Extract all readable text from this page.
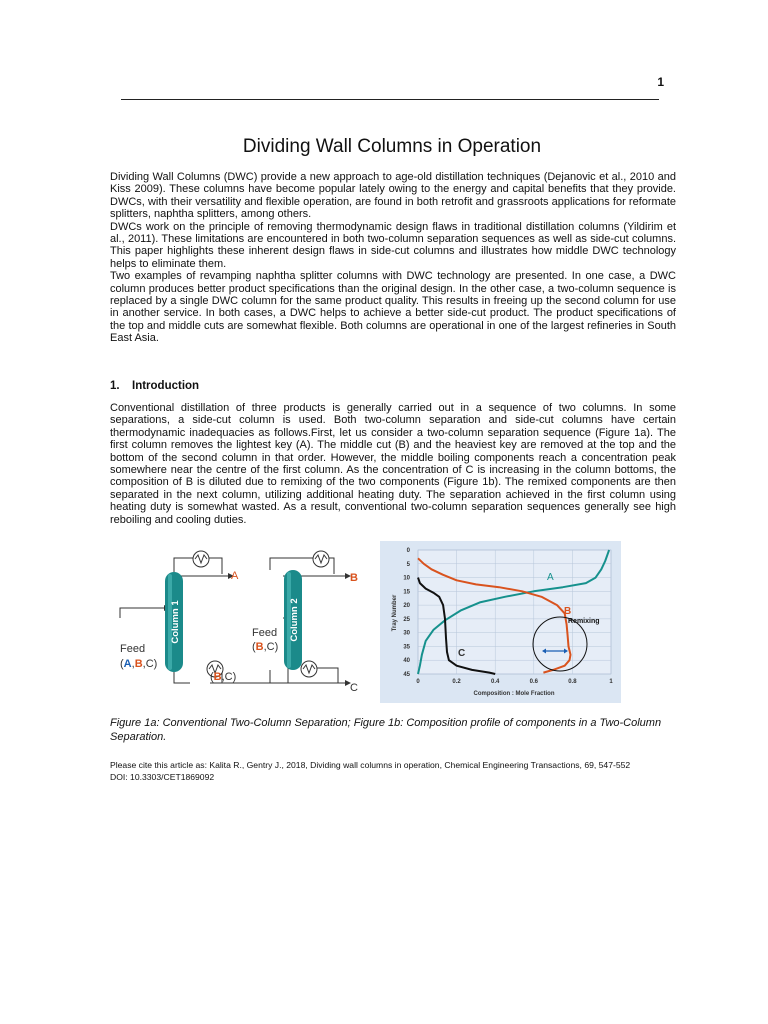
1
Dividing Wall Columns in Operation

Dividing Wall Columns (DWC) provide a new approach to age-old distillation techniques (Dejanovic et al., 2010 and Kiss 2009). These columns have become popular lately owing to the energy and capital benefits that they provide. DWCs, with their versatility and flexible operation, are found in both retrofit and grassroots applications for reformate splitters, naphtha splitters, among others.

DWCs work on the principle of removing thermodynamic design flaws in traditional distillation columns (Yildirim et al., 2011). These limitations are encountered in both two-column separation sequences as well as side-cut columns. This paper highlights these inherent design flaws in side-cut columns and illustrates how middle DWC technology helps to eliminate them.

Two examples of revamping naphtha splitter columns with DWC technology are presented. In one case, a DWC column produces better product specifications than the original design. In the other case, a two-column sequence is replaced by a single DWC column for the same product quality. This results in freeing up the second column for use in another service. In both cases, a DWC helps to achieve a better side-cut product. The product specifications of the top and middle cuts are somewhat flexible. Both columns are operational in one of the largest refineries in South East Asia.

1. Introduction

Conventional distillation of three products is generally carried out in a sequence of two columns. In some separations, a side-cut column is used. Both two-column separation and side-cut columns have certain thermodynamic inadequacies as follows.First, let us consider a two-column separation sequence (Figure 1a). The first column removes the lightest key (A). The middle cut (B) and the heaviest key are removed at the top and the bottom of the second column in that order. However, the middle boiling components reach a concentration peak somewhere near the centre of the first column. As the concentration of C is increasing in the column bottoms, the composition of B is diluted due to remixing of the two components (Figure 1b). The remixed components are then separated in the next column, utilizing additional heating duty. The separation achieved in the first column using heating duty is somewhat wasted. As a result, conventional two-column separation sequences generally see high reboiling and cooling duties.

Column 1	Column 2
A	B
C
Feed
(A,B,C)
Feed
(B,C)
(B,C)
0
5
10
15
20
25
30
35
40
45
0	0.2	0.4	0.6	0.8	1
Tray Number
Composition : Mole Fraction
Remixing
A
B
C
Figure 1a: Conventional Two-Column Separation; Figure 1b: Composition profile of components in a Two-Column Separation.

Please cite this article as: Kalita R., Gentry J., 2018, Dividing wall columns in operation, Chemical Engineering Transactions, 69, 547-552

DOI: 10.3303/CET1869092
